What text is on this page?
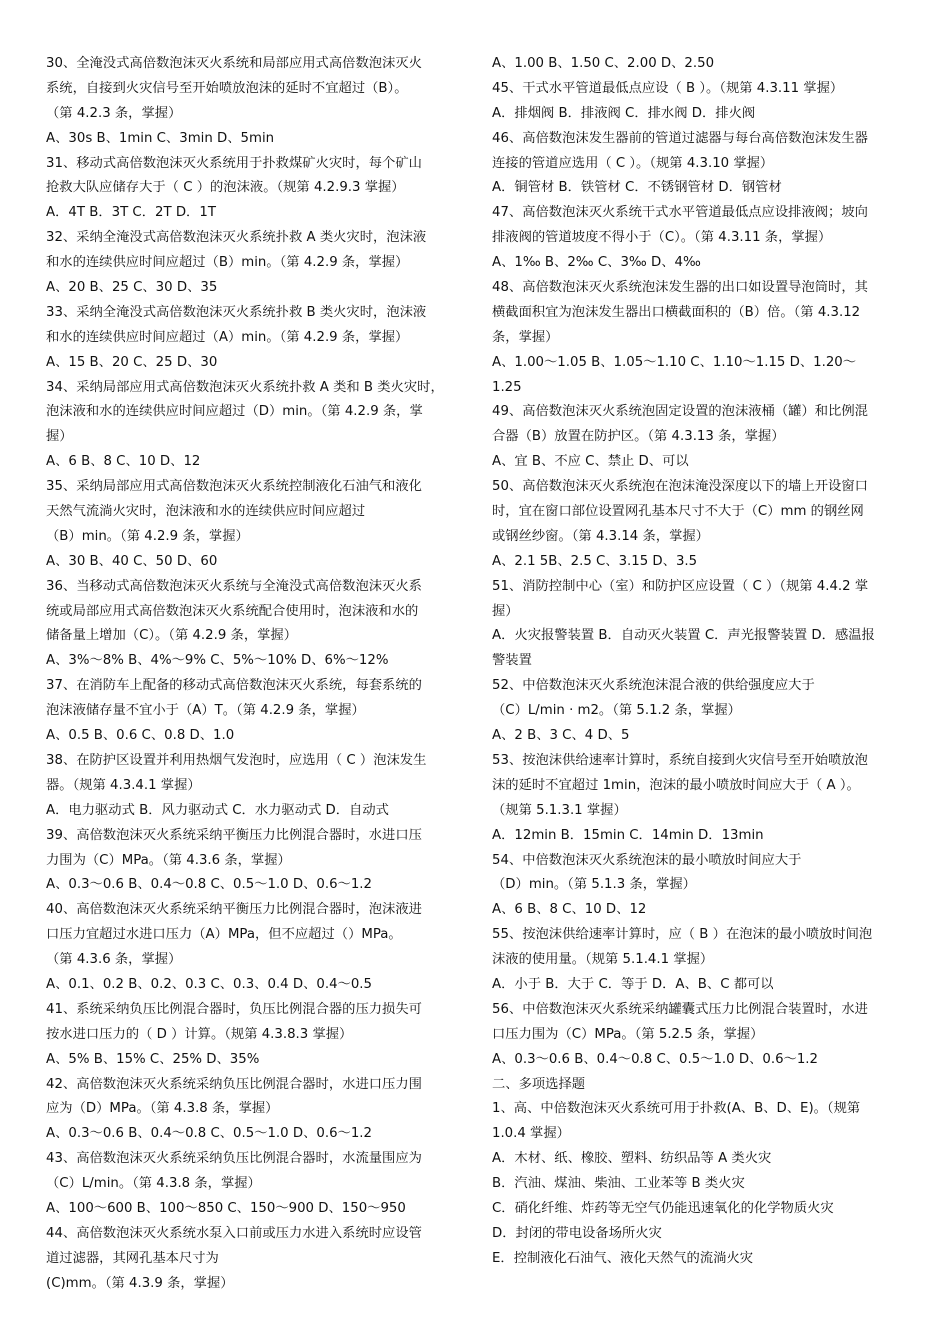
30、全淹没式高倍数泡沫灭火系统和局部应用式高倍数泡沫灭火
系统，自接到火灾信号至开始喷放泡沫的延时不宜超过（B）。
（第 4.2.3 条，掌握）
A、30s B、1min C、3min D、5min
31、移动式高倍数泡沫灭火系统用于扑救煤矿火灾时，每个矿山
抢救大队应储存大于（ C ）的泡沫液。（规第 4.2.9.3 掌握）
A．4T B．3T C．2T D．1T
32、采纳全淹没式高倍数泡沫灭火系统扑救 A 类火灾时，泡沫液
和水的连续供应时间应超过（B）min。（第 4.2.9 条，掌握）
A、20 B、25 C、30 D、35
33、采纳全淹没式高倍数泡沫灭火系统扑救 B 类火灾时，泡沫液
和水的连续供应时间应超过（A）min。（第 4.2.9 条，掌握）
A、15 B、20 C、25 D、30
34、采纳局部应用式高倍数泡沫灭火系统扑救 A 类和 B 类火灾时，
泡沫液和水的连续供应时间应超过（D）min。（第 4.2.9 条，掌
握）
A、6 B、8 C、10 D、12
35、采纳局部应用式高倍数泡沫灭火系统控制液化石油气和液化
天然气流淌火灾时，泡沫液和水的连续供应时间应超过
（B）min。（第 4.2.9 条，掌握）
A、30 B、40 C、50 D、60
36、当移动式高倍数泡沫灭火系统与全淹没式高倍数泡沫灭火系
统或局部应用式高倍数泡沫灭火系统配合使用时，泡沫液和水的
储备量上增加（C）。（第 4.2.9 条，掌握）
A、3%～8% B、4%～9% C、5%～10% D、6%～12%
37、在消防车上配备的移动式高倍数泡沫灭火系统，每套系统的
泡沫液储存量不宜小于（A）T。（第 4.2.9 条，掌握）
A、0.5 B、0.6 C、0.8 D、1.0
38、在防护区设置并利用热烟气发泡时，应选用（ C ）泡沫发生
器。（规第 4.3.4.1 掌握）
A．电力驱动式 B．风力驱动式 C．水力驱动式 D．自动式
39、高倍数泡沫灭火系统采纳平衡压力比例混合器时，水进口压
力围为（C）MPa。（第 4.3.6 条，掌握）
A、0.3～0.6 B、0.4～0.8 C、0.5～1.0 D、0.6～1.2
40、高倍数泡沫灭火系统采纳平衡压力比例混合器时，泡沫液进
口压力宜超过水进口压力（A）MPa，但不应超过（）MPa。
（第 4.3.6 条，掌握）
A、0.1、0.2 B、0.2、0.3 C、0.3、0.4 D、0.4～0.5
41、系统采纳负压比例混合器时，负压比例混合器的压力损失可
按水进口压力的（ D ）计算。（规第 4.3.8.3 掌握）
A、5% B、15% C、25% D、35%
42、高倍数泡沫灭火系统采纳负压比例混合器时，水进口压力围
应为（D）MPa。（第 4.3.8 条，掌握）
A、0.3～0.6 B、0.4～0.8 C、0.5～1.0 D、0.6～1.2
43、高倍数泡沫灭火系统采纳负压比例混合器时，水流量围应为
（C）L/min。（第 4.3.8 条，掌握）
A、100～600 B、100～850 C、150～900 D、150～950
44、高倍数泡沫灭火系统水泵入口前或压力水进入系统时应设管
道过滤器，其网孔基本尺寸为
(C)mm。（第 4.3.9 条，掌握）
A、1.00 B、1.50 C、2.00 D、2.50
45、干式水平管道最低点应设（ B ）。（规第 4.3.11 掌握）
A．排烟阀 B．排液阀 C．排水阀 D．排火阀
46、高倍数泡沫发生器前的管道过滤器与每台高倍数泡沫发生器
连接的管道应选用（ C ）。（规第 4.3.10 掌握）
A．铜管材 B．铁管材 C．不锈钢管材 D．钢管材
47、高倍数泡沫灭火系统干式水平管道最低点应设排液阀；坡向
排液阀的管道坡度不得小于（C）。（第 4.3.11 条，掌握）
A、1‰ B、2‰ C、3‰ D、4‰
48、高倍数泡沫灭火系统泡沫发生器的出口如设置导泡筒时，其
横截面积宜为泡沫发生器出口横截面积的（B）倍。（第 4.3.12
条，掌握）
A、1.00～1.05 B、1.05～1.10 C、1.10～1.15 D、1.20～
1.25
49、高倍数泡沫灭火系统泡固定设置的泡沫液桶（罐）和比例混
合器（B）放置在防护区。（第 4.3.13 条，掌握）
A、宜 B、不应 C、禁止 D、可以
50、高倍数泡沫灭火系统泡在泡沫淹没深度以下的墙上开设窗口
时，宜在窗口部位设置网孔基本尺寸不大于（C）mm 的钢丝网
或钢丝纱窗。（第 4.3.14 条，掌握）
A、2.1 5B、2.5 C、3.15 D、3.5
51、消防控制中心（室）和防护区应设置（ C ）（规第 4.4.2 掌
握）
A．火灾报警装置 B．自动灭火装置 C．声光报警装置 D．感温报
警装置
52、中倍数泡沫灭火系统泡沫混合液的供给强度应大于
（C）L/min · m2。（第 5.1.2 条，掌握）
A、2 B、3 C、4 D、5
53、按泡沫供给速率计算时，系统自接到火灾信号至开始喷放泡
沫的延时不宜超过 1min，泡沫的最小喷放时间应大于（ A ）。
（规第 5.1.3.1 掌握）
A．12min B．15min C．14min D．13min
54、中倍数泡沫灭火系统泡沫的最小喷放时间应大于
（D）min。（第 5.1.3 条，掌握）
A、6 B、8 C、10 D、12
55、按泡沫供给速率计算时，应（ B ）在泡沫的最小喷放时间泡
沫液的使用量。（规第 5.1.4.1 掌握）
A．小于 B．大于 C．等于 D．A、B、C 都可以
56、中倍数泡沫灭火系统采纳罐囊式压力比例混合装置时，水进
口压力围为（C）MPa。（第 5.2.5 条，掌握）
A、0.3～0.6 B、0.4～0.8 C、0.5～1.0 D、0.6～1.2
二、多项选择题
1、高、中倍数泡沫灭火系统可用于扑救(A、B、D、E)。（规第
1.0.4 掌握）
A．木材、纸、橡胶、塑料、纺织品等 A 类火灾
B．汽油、煤油、柴油、工业苯等 B 类火灾
C．硝化纤维、炸药等无空气仍能迅速氧化的化学物质火灾
D．封闭的带电设备场所火灾
E．控制液化石油气、液化天然气的流淌火灾
